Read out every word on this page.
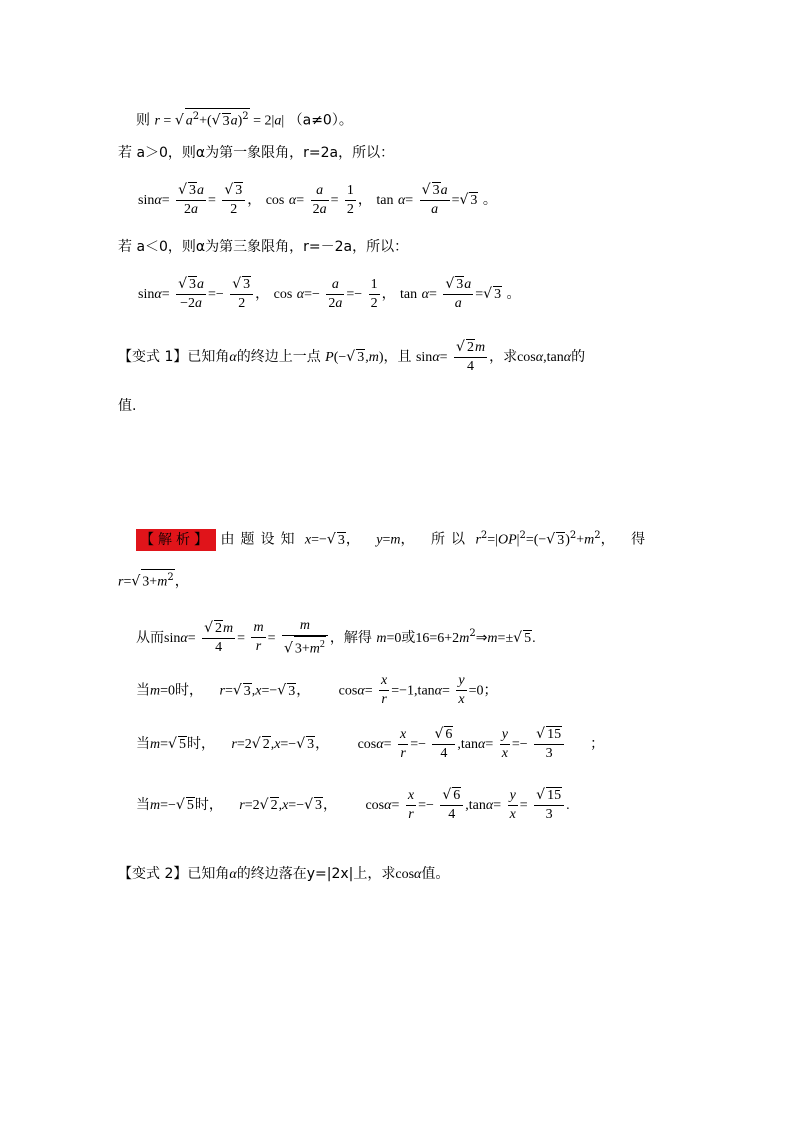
则 r = √ $a^2+(√$ 3a)$^2$ = 2|a| （a≠0）。
若 a＞0，则α为第一象限角，r=2a，所以：
$\sin\alpha= \frac{√ 3a}{2a} = \frac{√ 3}{2}$ ， $\cos \alpha= \frac{a}{2a} = \frac{1}{2}$ ， $\tan \alpha= \frac{√ 3a}{a}$ =√ 3 。
若 a＜0，则α为第三象限角，r=－2a，所以：
$\sin\alpha= \frac{√ 3a}{-2a} =- \frac{√ 3}{2}$ ， $\cos \alpha=- \frac{a}{2a} =- \frac{1}{2}$ ， $\tan \alpha= \frac{√ 3a}{a}$ =√ 3 。
【变式 1】已知角α的终边上一点 P(−√ 3,m)，且 $\sin\alpha= \frac{√ 2m}{4}$ ，求cosα,tanα的
值.
【解析】 由题设知 x=−√ 3， y=m， 所以 $r^2=|OP|^2=(-√$ $3)^2+m^2$， 得
r=√ $3+m^2$，
从而$\sin\alpha= \frac{√ 2m}{4} = \frac{m}{r} = \frac{m}{√ 3+m^2}$ ，解得 m=0或$16=6+2m^2\Rightarrow m=\pm√$ 5.
当m=0时， r=√ 3,x=−√ 3， $\cos\alpha= \frac{x}{r} =-1,\tan\alpha= \frac{y}{x} =0$；
当m=√ 5时， r=2√ 2,x=−√ 3， $\cos\alpha= \frac{x}{r} =- \frac{√ 6}{4} ,\tan\alpha= \frac{y}{x} =- \frac{√ 15}{3}$ ；
当m=−√ 5时， r=2√ 2,x=−√ 3， $\cos\alpha= \frac{x}{r} =- \frac{√ 6}{4} ,\tan\alpha= \frac{y}{x} = \frac{√ 15}{3}$ .
【变式 2】已知角α的终边落在y=|2x|上，求cosα值。
